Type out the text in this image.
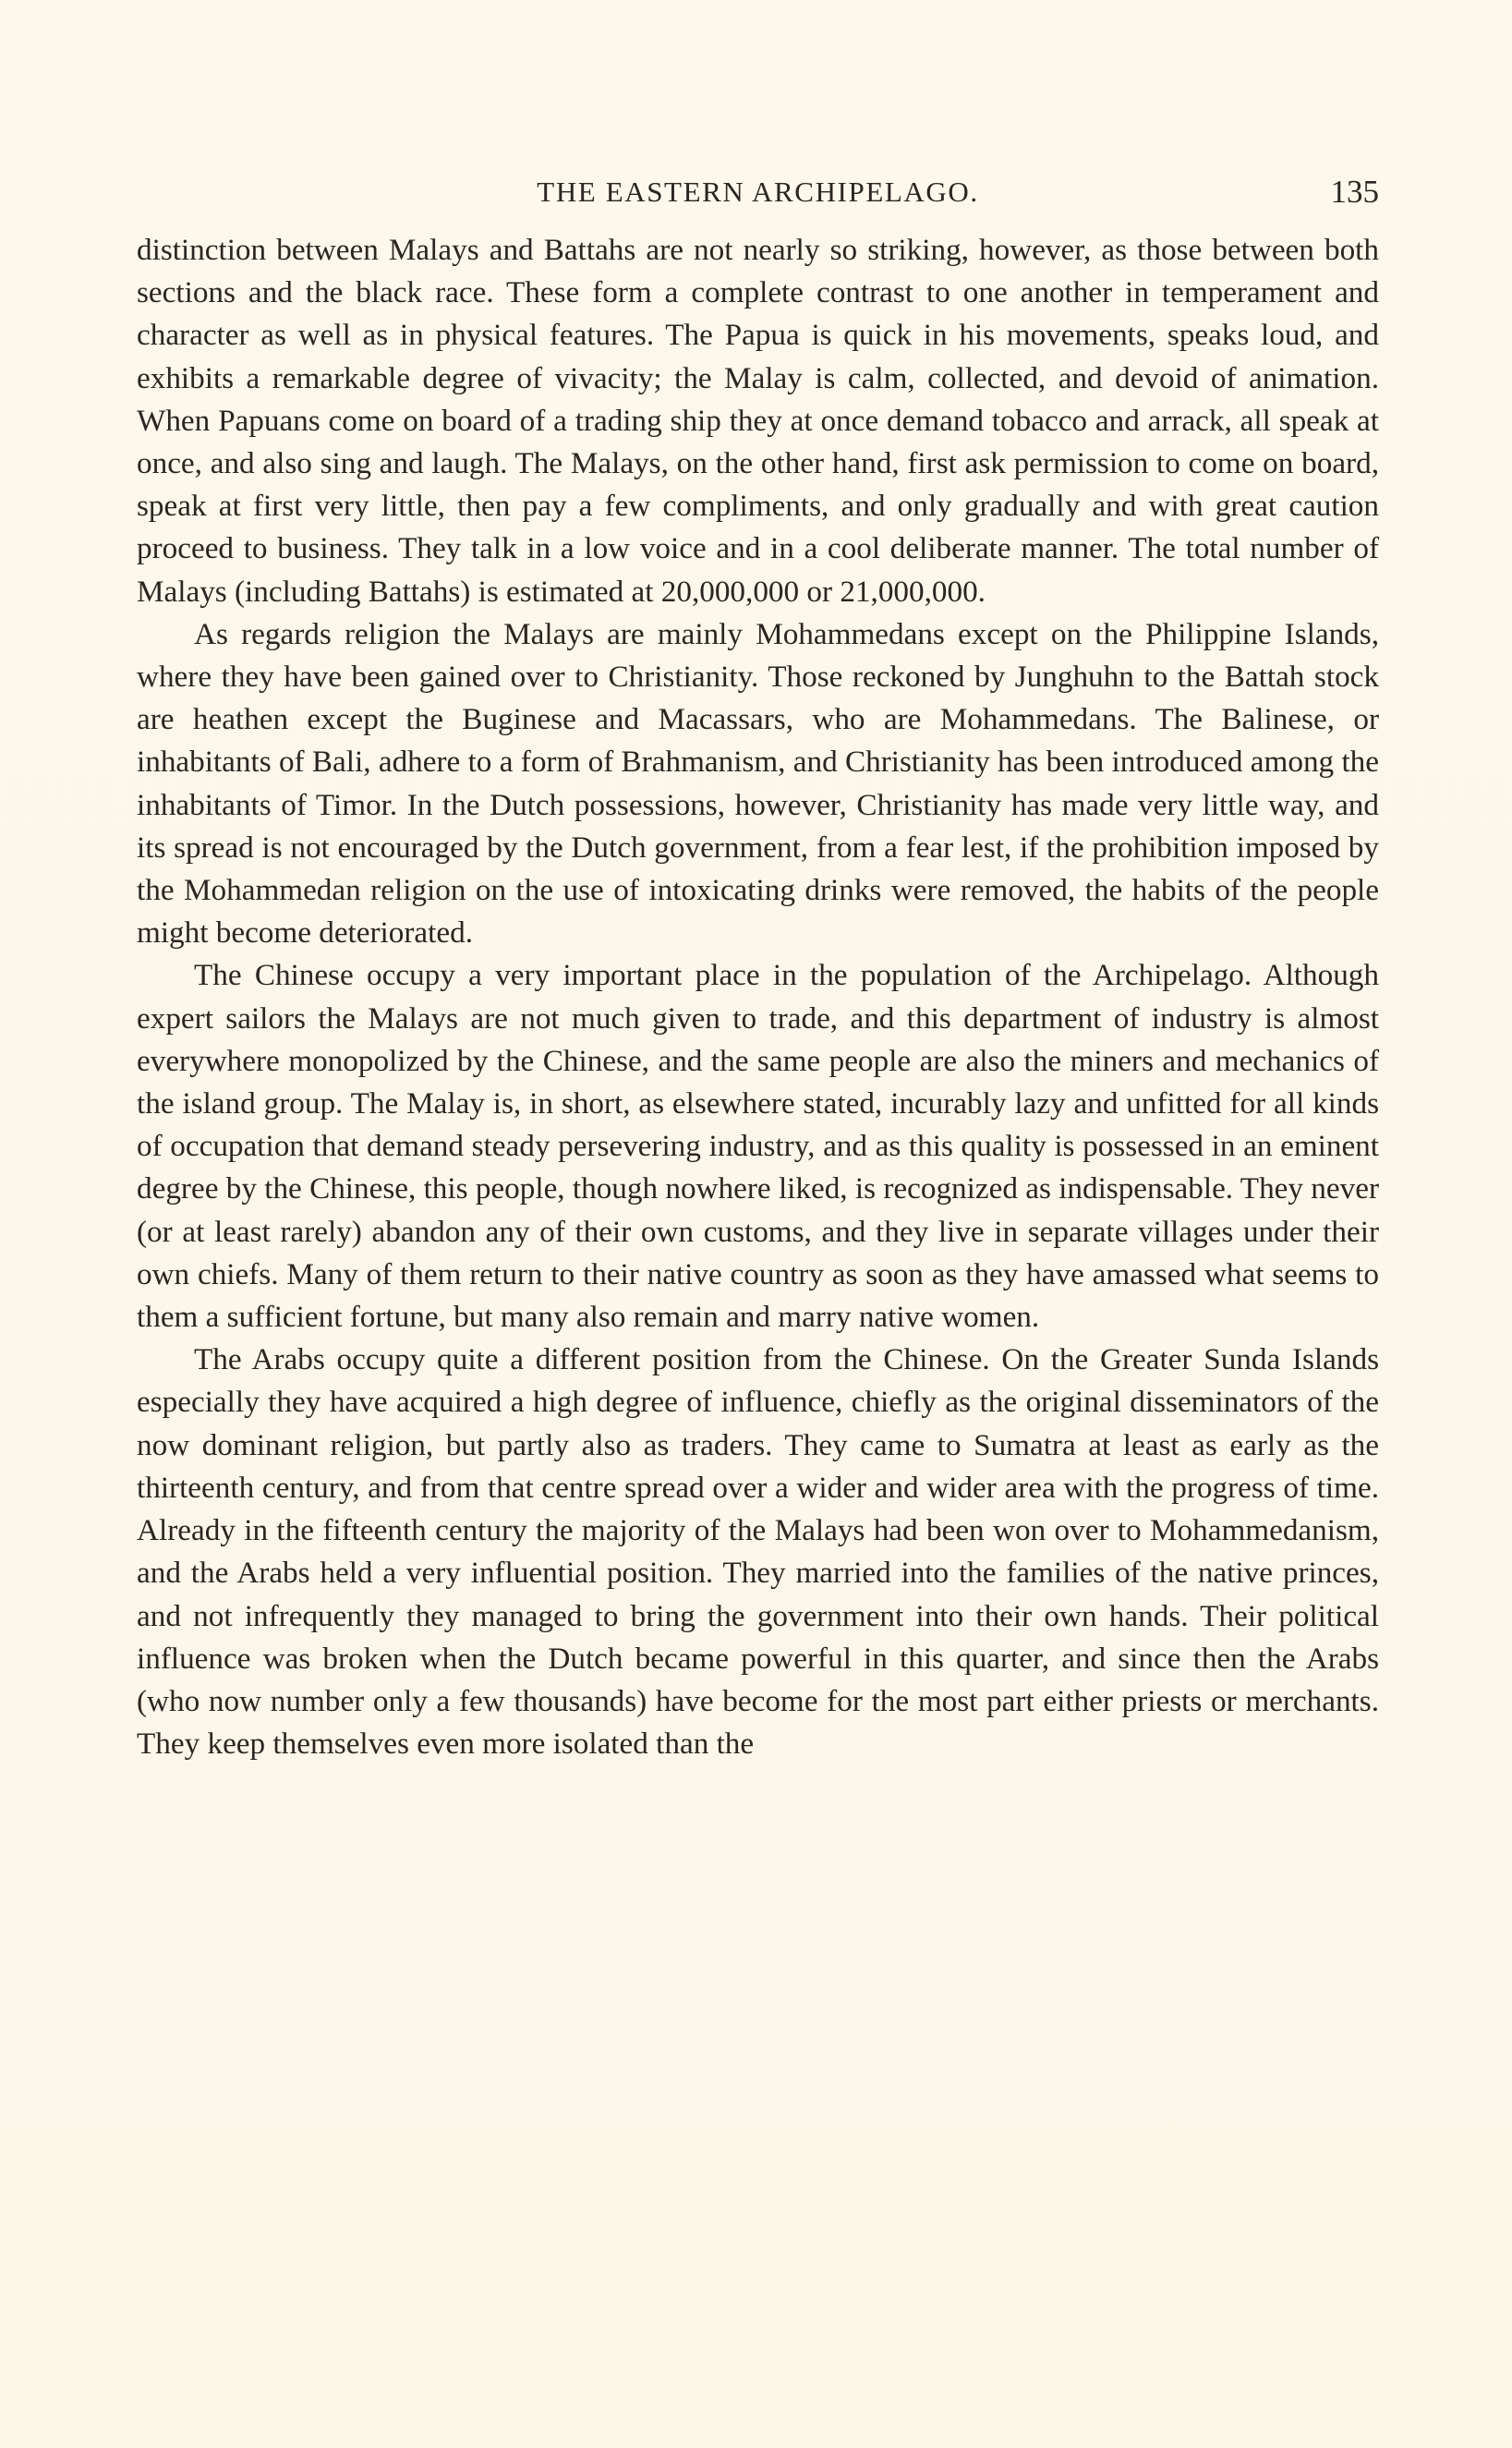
THE EASTERN ARCHIPELAGO.	135

distinction between Malays and Battahs are not nearly so striking, however, as those between both sections and the black race. These form a complete contrast to one another in temperament and character as well as in physical features. The Papua is quick in his movements, speaks loud, and exhibits a remarkable degree of vivacity; the Malay is calm, collected, and devoid of animation. When Papuans come on board of a trading ship they at once demand tobacco and arrack, all speak at once, and also sing and laugh. The Malays, on the other hand, first ask permission to come on board, speak at first very little, then pay a few compliments, and only gradually and with great caution proceed to business. They talk in a low voice and in a cool deliberate manner. The total number of Malays (including Battahs) is estimated at 20,000,000 or 21,000,000.

As regards religion the Malays are mainly Mohammedans except on the Philippine Islands, where they have been gained over to Christianity. Those reckoned by Junghuhn to the Battah stock are heathen except the Buginese and Macassars, who are Mohammedans. The Balinese, or inhabitants of Bali, adhere to a form of Brahmanism, and Christianity has been introduced among the inhabitants of Timor. In the Dutch possessions, however, Christianity has made very little way, and its spread is not encouraged by the Dutch government, from a fear lest, if the prohibition imposed by the Mohammedan religion on the use of intoxicating drinks were removed, the habits of the people might become deteriorated.

The Chinese occupy a very important place in the population of the Archipelago. Although expert sailors the Malays are not much given to trade, and this department of industry is almost everywhere monopolized by the Chinese, and the same people are also the miners and mechanics of the island group. The Malay is, in short, as elsewhere stated, incurably lazy and unfitted for all kinds of occupation that demand steady persevering industry, and as this quality is possessed in an eminent degree by the Chinese, this people, though nowhere liked, is recognized as indispensable. They never (or at least rarely) abandon any of their own customs, and they live in separate villages under their own chiefs. Many of them return to their native country as soon as they have amassed what seems to them a sufficient fortune, but many also remain and marry native women.

The Arabs occupy quite a different position from the Chinese. On the Greater Sunda Islands especially they have acquired a high degree of influence, chiefly as the original disseminators of the now dominant religion, but partly also as traders. They came to Sumatra at least as early as the thirteenth century, and from that centre spread over a wider and wider area with the progress of time. Already in the fifteenth century the majority of the Malays had been won over to Mohammedanism, and the Arabs held a very influential position. They married into the families of the native princes, and not infrequently they managed to bring the government into their own hands. Their political influence was broken when the Dutch became powerful in this quarter, and since then the Arabs (who now number only a few thousands) have become for the most part either priests or merchants. They keep themselves even more isolated than the
